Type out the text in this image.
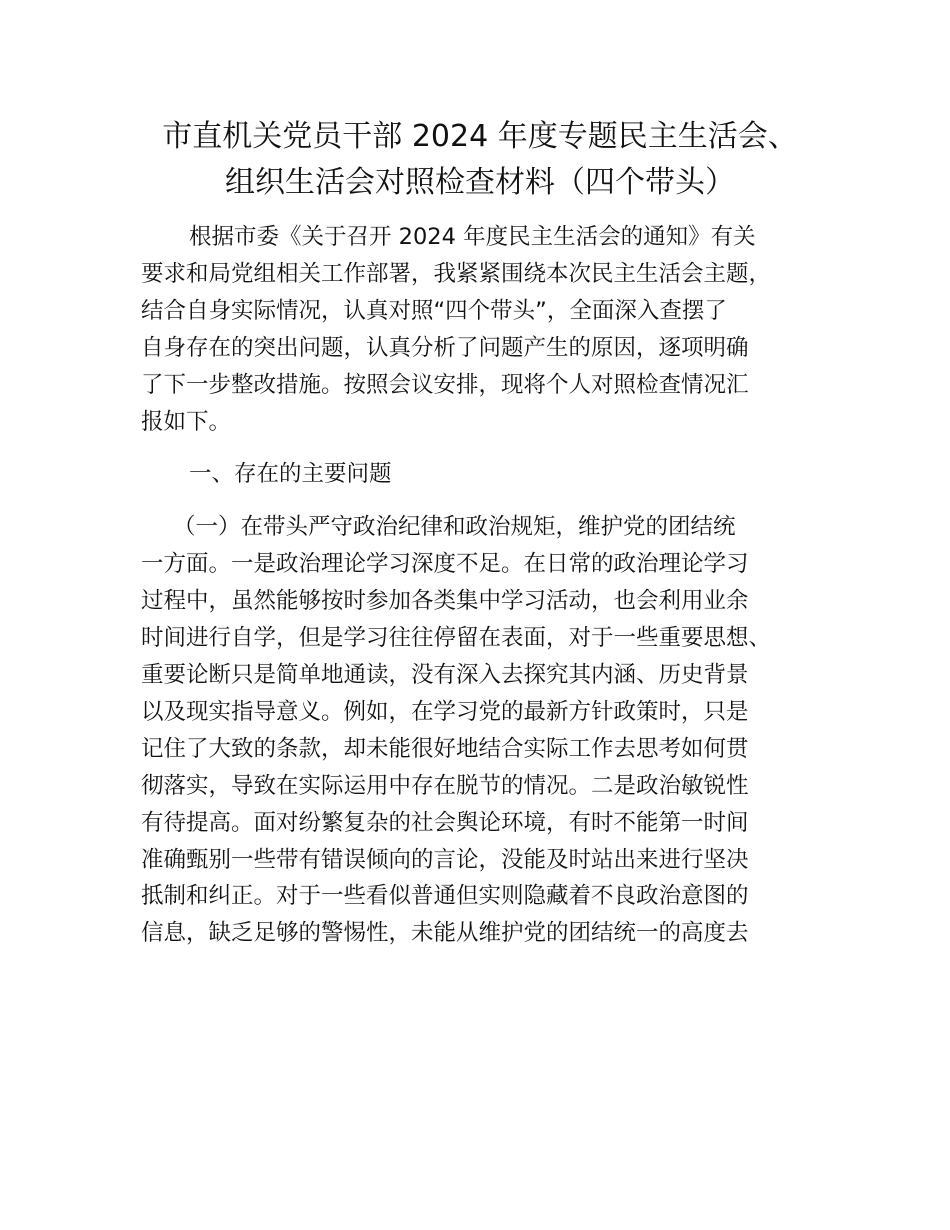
市直机关党员干部 2024 年度专题民主生活会、
组织生活会对照检查材料（四个带头）
根据市委《关于召开 2024 年度民主生活会的通知》有关
要求和局党组相关工作部署，我紧紧围绕本次民主生活会主题，
结合自身实际情况，认真对照“四个带头”，全面深入查摆了
自身存在的突出问题，认真分析了问题产生的原因，逐项明确
了下一步整改措施。按照会议安排，现将个人对照检查情况汇
报如下。
一、存在的主要问题
（一）在带头严守政治纪律和政治规矩，维护党的团结统
一方面。一是政治理论学习深度不足。在日常的政治理论学习
过程中，虽然能够按时参加各类集中学习活动，也会利用业余
时间进行自学，但是学习往往停留在表面，对于一些重要思想、
重要论断只是简单地通读，没有深入去探究其内涵、历史背景
以及现实指导意义。例如，在学习党的最新方针政策时，只是
记住了大致的条款，却未能很好地结合实际工作去思考如何贯
彻落实，导致在实际运用中存在脱节的情况。二是政治敏锐性
有待提高。面对纷繁复杂的社会舆论环境，有时不能第一时间
准确甄别一些带有错误倾向的言论，没能及时站出来进行坚决
抵制和纠正。对于一些看似普通但实则隐藏着不良政治意图的
信息，缺乏足够的警惕性，未能从维护党的团结统一的高度去
